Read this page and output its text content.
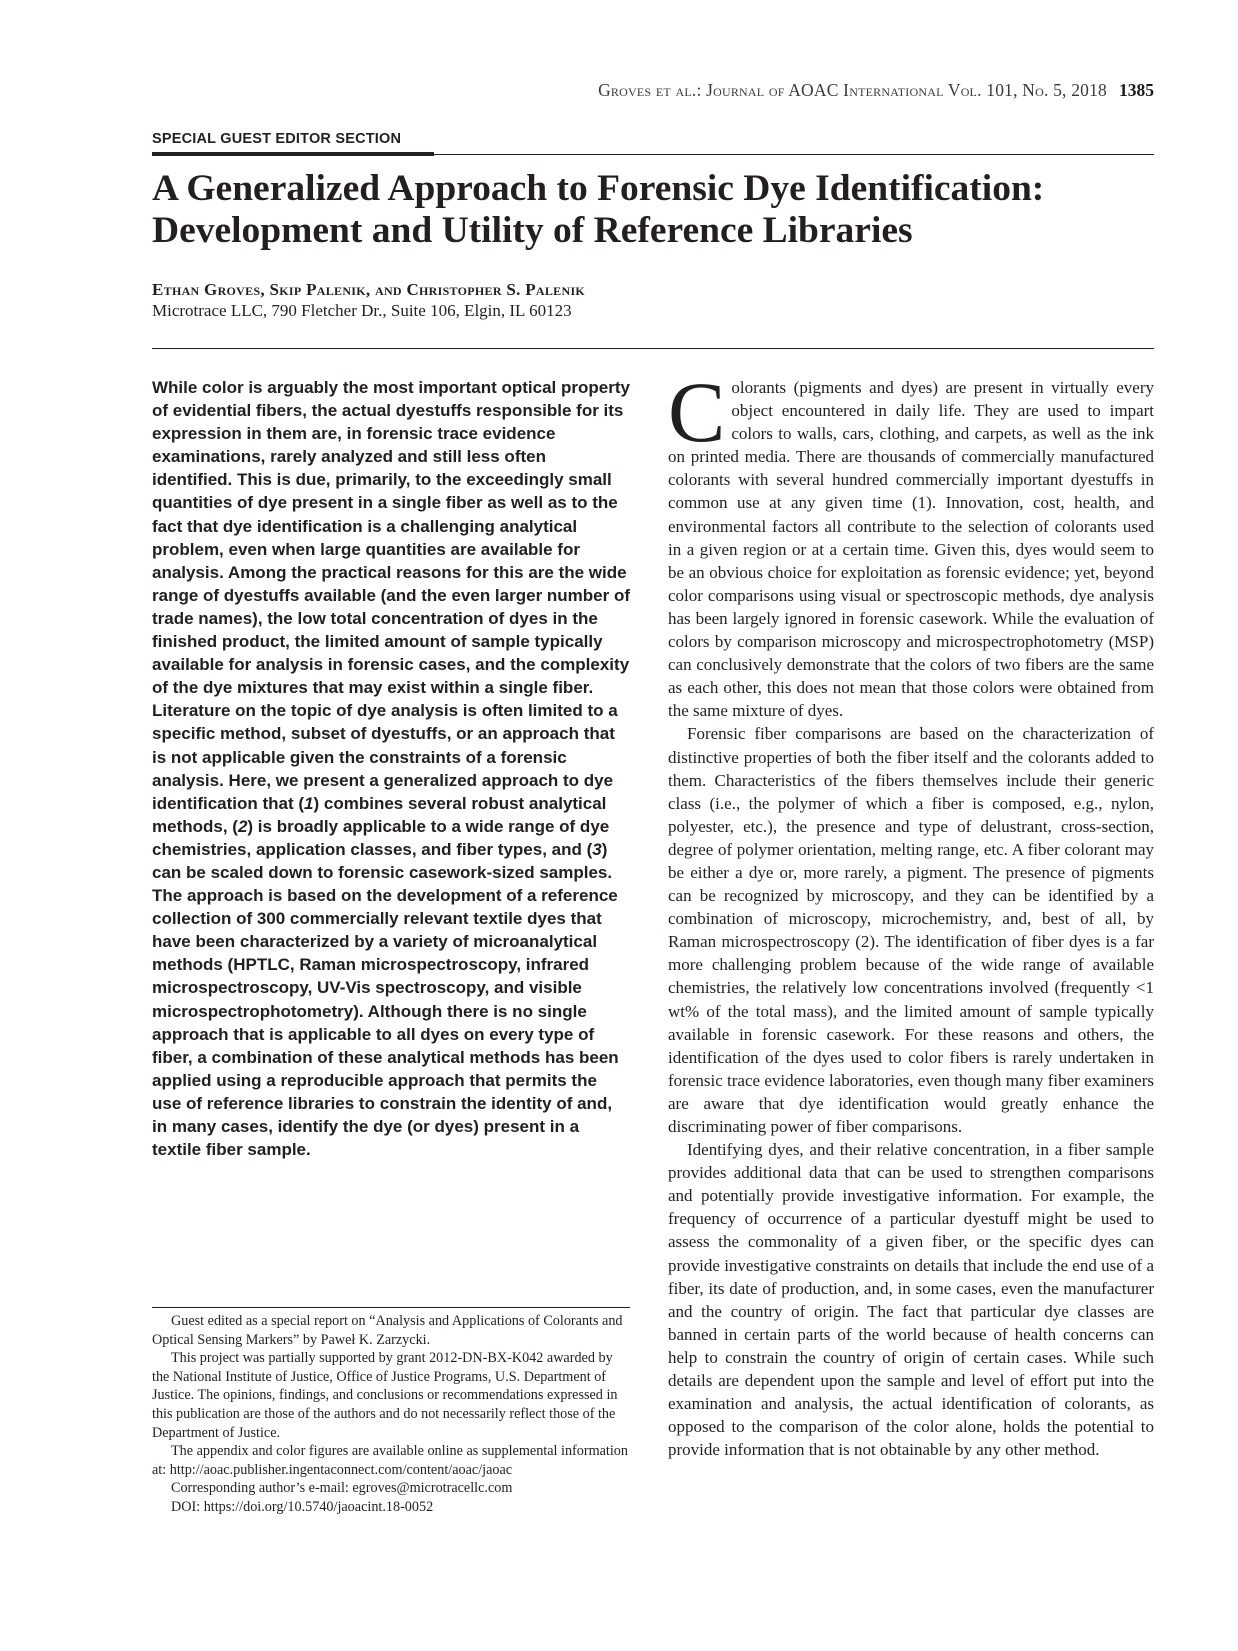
Groves et al.: Journal of AOAC International Vol. 101, No. 5, 2018 1385
SPECIAL GUEST EDITOR SECTION
A Generalized Approach to Forensic Dye Identification:
Development and Utility of Reference Libraries
Ethan Groves, Skip Palenik, and Christopher S. Palenik
Microtrace LLC, 790 Fletcher Dr., Suite 106, Elgin, IL 60123

While color is arguably the most important optical property of evidential fibers, the actual dyestuffs responsible for its expression in them are, in forensic trace evidence examinations, rarely analyzed and still less often identified. This is due, primarily, to the exceedingly small quantities of dye present in a single fiber as well as to the fact that dye identification is a challenging analytical problem, even when large quantities are available for analysis. Among the practical reasons for this are the wide range of dyestuffs available (and the even larger number of trade names), the low total concentration of dyes in the finished product, the limited amount of sample typically available for analysis in forensic cases, and the complexity of the dye mixtures that may exist within a single fiber. Literature on the topic of dye analysis is often limited to a specific method, subset of dyestuffs, or an approach that is not applicable given the constraints of a forensic analysis. Here, we present a generalized approach to dye identification that (1) combines several robust analytical methods, (2) is broadly applicable to a wide range of dye chemistries, application classes, and fiber types, and (3) can be scaled down to forensic casework-sized samples. The approach is based on the development of a reference collection of 300 commercially relevant textile dyes that have been characterized by a variety of microanalytical methods (HPTLC, Raman microspectroscopy, infrared microspectroscopy, UV-Vis spectroscopy, and visible microspectrophotometry). Although there is no single approach that is applicable to all dyes on every type of fiber, a combination of these analytical methods has been applied using a reproducible approach that permits the use of reference libraries to constrain the identity of and, in many cases, identify the dye (or dyes) present in a textile fiber sample.

Guest edited as a special report on “Analysis and Applications of Colorants and Optical Sensing Markers” by Paweł K. Zarzycki.

This project was partially supported by grant 2012-DN-BX-K042 awarded by the National Institute of Justice, Office of Justice Programs, U.S. Department of Justice. The opinions, findings, and conclusions or recommendations expressed in this publication are those of the authors and do not necessarily reflect those of the Department of Justice.

The appendix and color figures are available online as supplemental information at: http://aoac.publisher.ingentaconnect.com/content/aoac/jaoac

Corresponding author’s e-mail: egroves@microtracellc.com

DOI: https://doi.org/10.5740/jaoacint.18-0052

Colorants (pigments and dyes) are present in virtually every object encountered in daily life. They are used to impart colors to walls, cars, clothing, and carpets, as well as the ink on printed media. There are thousands of commercially manufactured colorants with several hundred commercially important dyestuffs in common use at any given time (1). Innovation, cost, health, and environmental factors all contribute to the selection of colorants used in a given region or at a certain time. Given this, dyes would seem to be an obvious choice for exploitation as forensic evidence; yet, beyond color comparisons using visual or spectroscopic methods, dye analysis has been largely ignored in forensic casework. While the evaluation of colors by comparison microscopy and microspectrophotometry (MSP) can conclusively demonstrate that the colors of two fibers are the same as each other, this does not mean that those colors were obtained from the same mixture of dyes.

Forensic fiber comparisons are based on the characterization of distinctive properties of both the fiber itself and the colorants added to them. Characteristics of the fibers themselves include their generic class (i.e., the polymer of which a fiber is composed, e.g., nylon, polyester, etc.), the presence and type of delustrant, cross-section, degree of polymer orientation, melting range, etc. A fiber colorant may be either a dye or, more rarely, a pigment. The presence of pigments can be recognized by microscopy, and they can be identified by a combination of microscopy, microchemistry, and, best of all, by Raman microspectroscopy (2). The identification of fiber dyes is a far more challenging problem because of the wide range of available chemistries, the relatively low concentrations involved (frequently <1 wt% of the total mass), and the limited amount of sample typically available in forensic casework. For these reasons and others, the identification of the dyes used to color fibers is rarely undertaken in forensic trace evidence laboratories, even though many fiber examiners are aware that dye identification would greatly enhance the discriminating power of fiber comparisons.

Identifying dyes, and their relative concentration, in a fiber sample provides additional data that can be used to strengthen comparisons and potentially provide investigative information. For example, the frequency of occurrence of a particular dyestuff might be used to assess the commonality of a given fiber, or the specific dyes can provide investigative constraints on details that include the end use of a fiber, its date of production, and, in some cases, even the manufacturer and the country of origin. The fact that particular dye classes are banned in certain parts of the world because of health concerns can help to constrain the country of origin of certain cases. While such details are dependent upon the sample and level of effort put into the examination and analysis, the actual identification of colorants, as opposed to the comparison of the color alone, holds the potential to provide information that is not obtainable by any other method.
